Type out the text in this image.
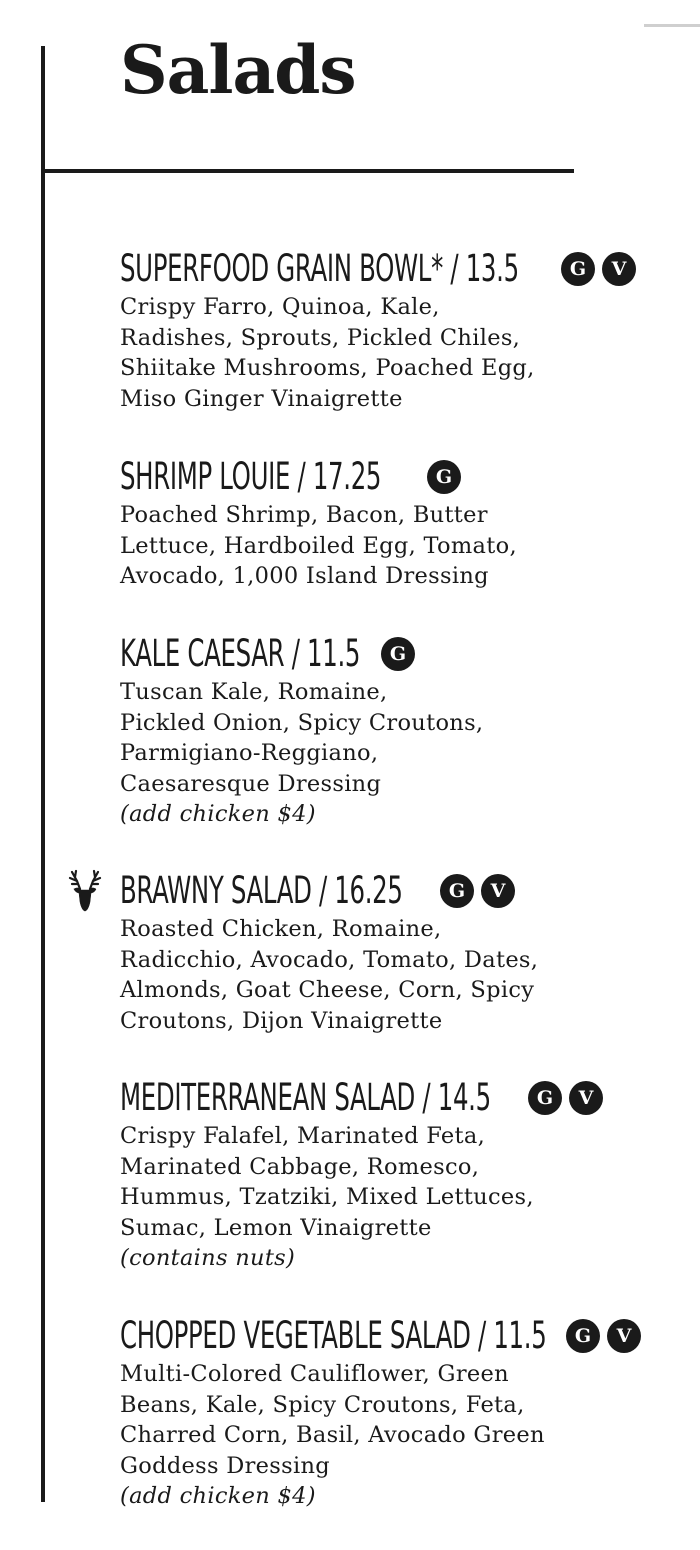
Salads
SUPERFOOD GRAIN BOWL* / 13.5	G	V
Crispy Farro, Quinoa, Kale,
Radishes, Sprouts, Pickled Chiles,
Shiitake Mushrooms, Poached Egg,
Miso Ginger Vinaigrette
SHRIMP LOUIE / 17.25	G
Poached Shrimp, Bacon, Butter
Lettuce, Hardboiled Egg, Tomato,
Avocado, 1,000 Island Dressing
KALE CAESAR / 11.5	G
Tuscan Kale, Romaine,
Pickled Onion, Spicy Croutons,
Parmigiano-Reggiano,
Caesaresque Dressing
(add chicken $4)
BRAWNY SALAD / 16.25	G	V
Roasted Chicken, Romaine,
Radicchio, Avocado, Tomato, Dates,
Almonds, Goat Cheese, Corn, Spicy
Croutons, Dijon Vinaigrette
MEDITERRANEAN SALAD / 14.5	G	V
Crispy Falafel, Marinated Feta,
Marinated Cabbage, Romesco,
Hummus, Tzatziki, Mixed Lettuces,
Sumac, Lemon Vinaigrette
(contains nuts)
CHOPPED VEGETABLE SALAD / 11.5	G	V
Multi-Colored Cauliflower, Green
Beans, Kale, Spicy Croutons, Feta,
Charred Corn, Basil, Avocado Green
Goddess Dressing
(add chicken $4)
